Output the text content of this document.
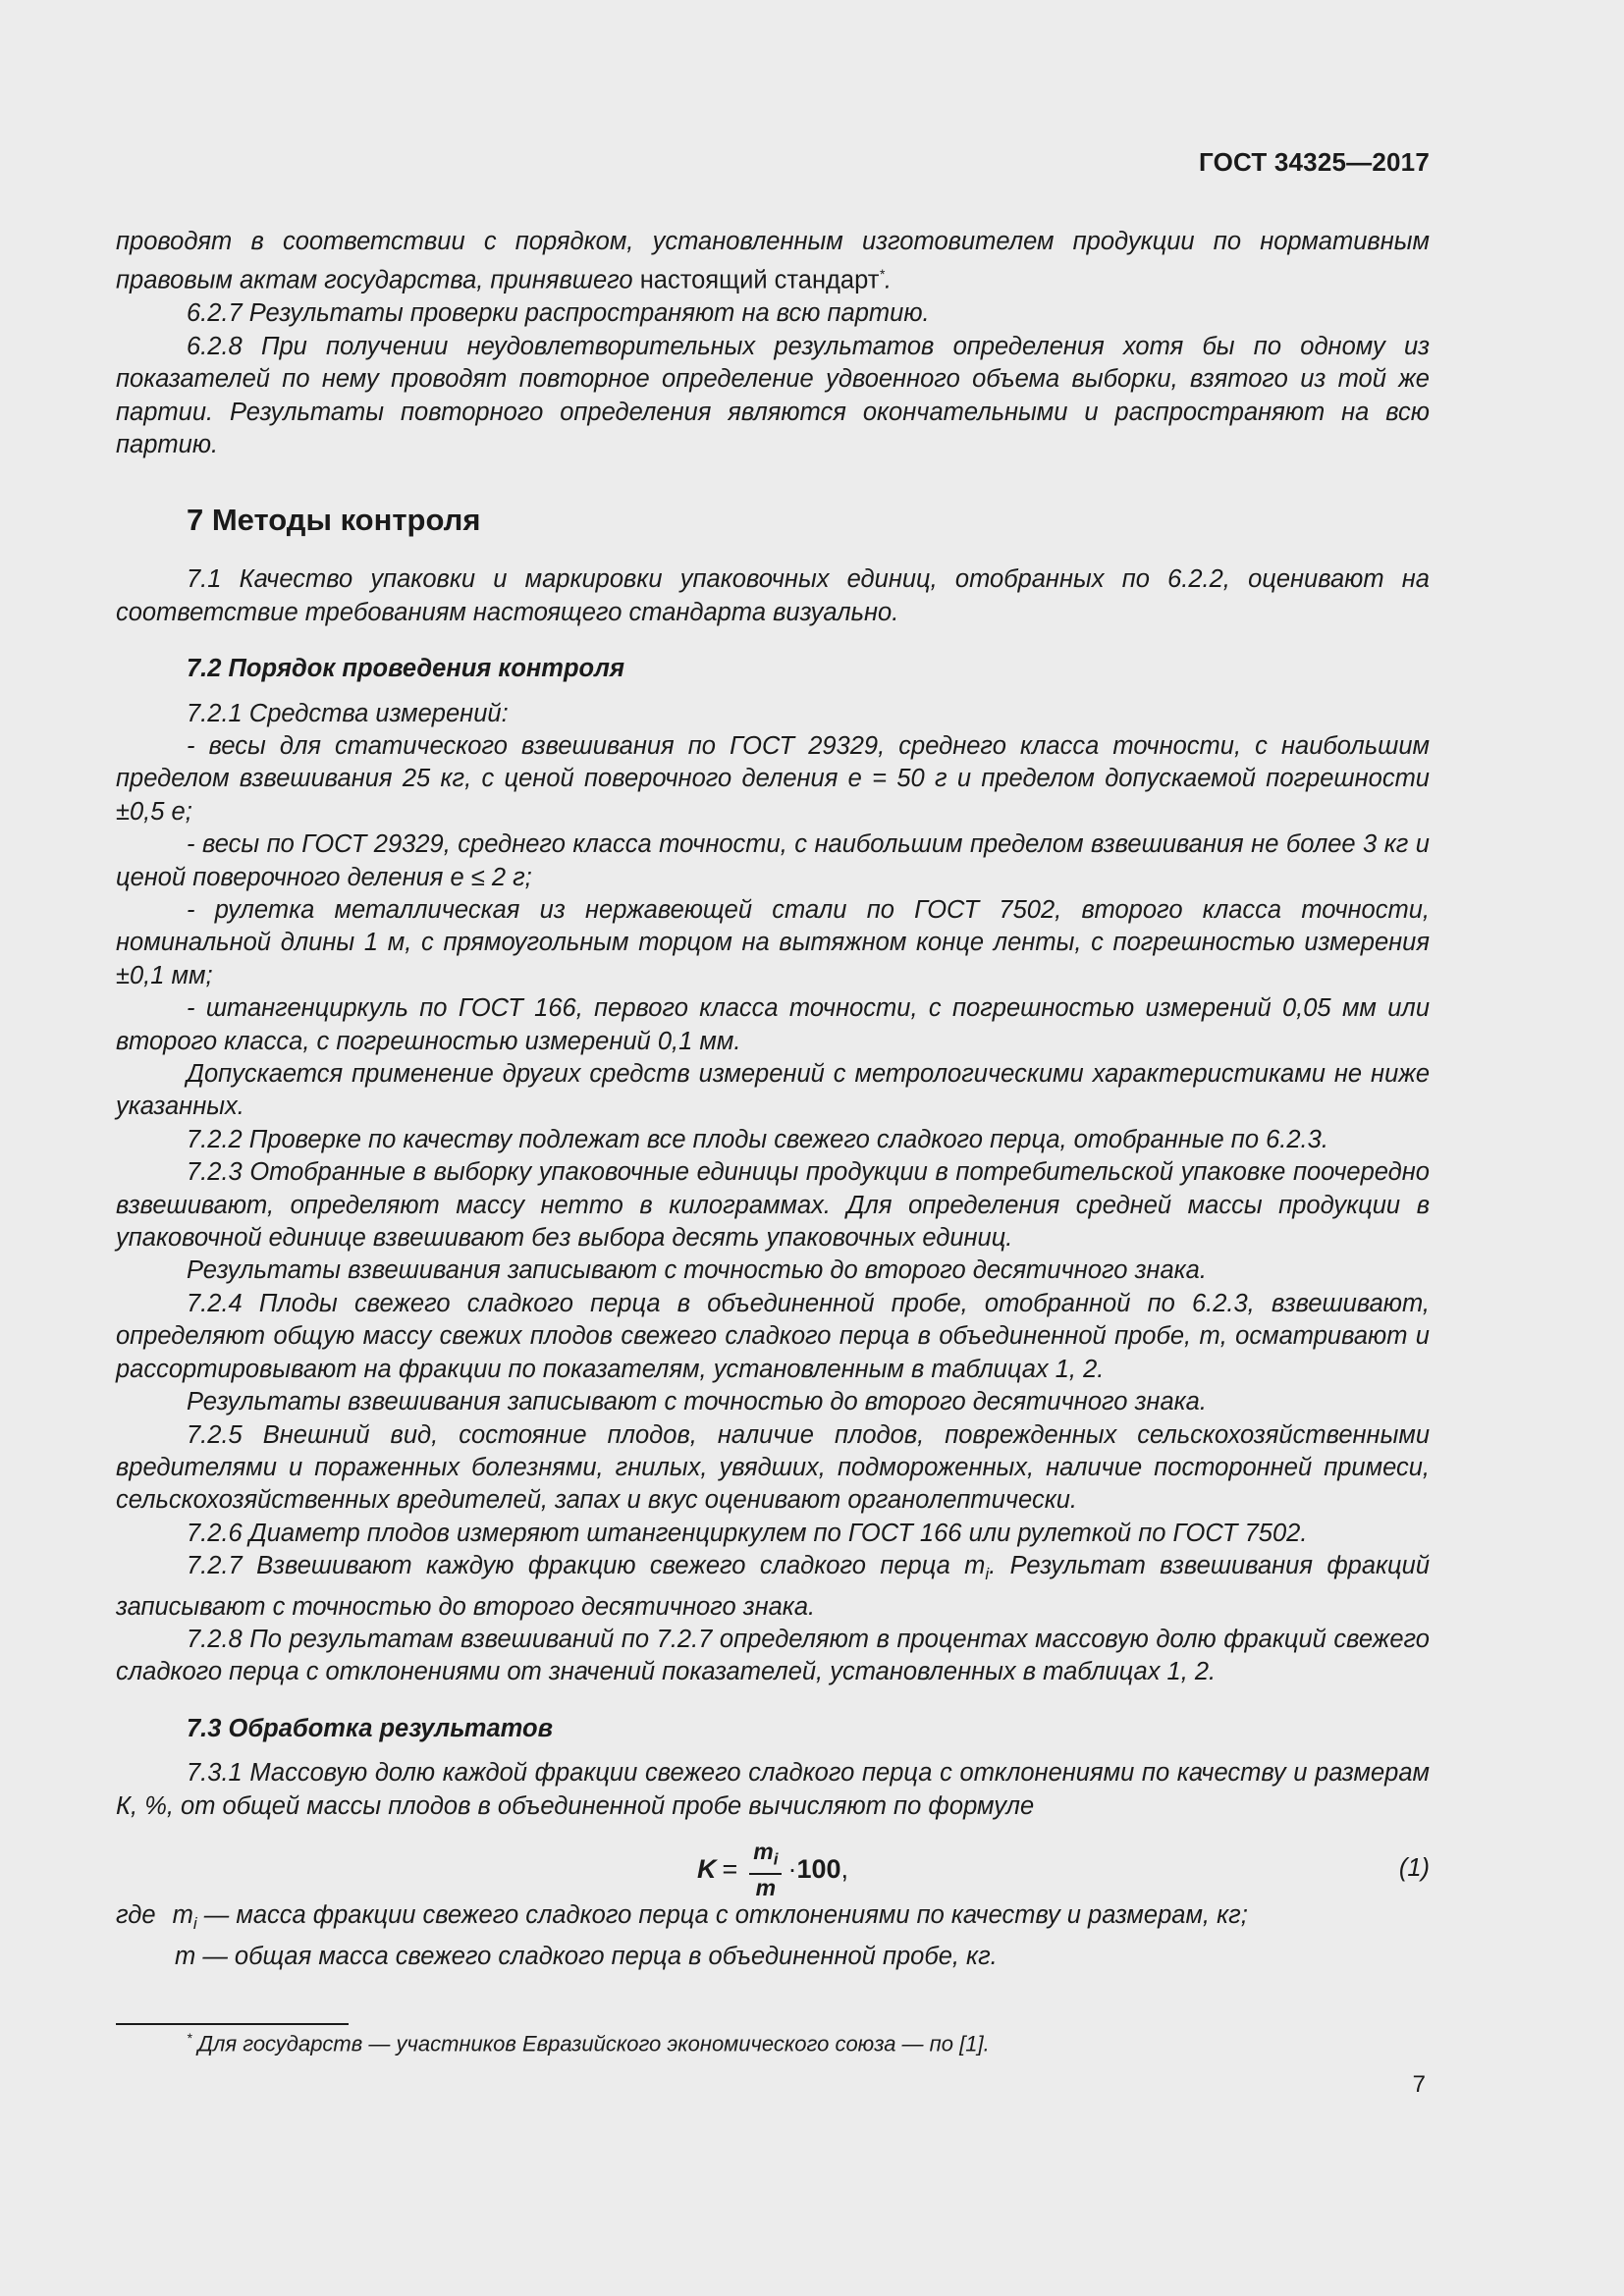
ГОСТ 34325—2017

проводят в соответствии с порядком, установленным изготовителем продукции по нормативным правовым актам государства, принявшего настоящий стандарт*.

6.2.7 Результаты проверки распространяют на всю партию.

6.2.8 При получении неудовлетворительных результатов определения хотя бы по одному из показателей по нему проводят повторное определение удвоенного объема выборки, взятого из той же партии. Результаты повторного определения являются окончательными и распространяют на всю партию.

7 Методы контроля

7.1 Качество упаковки и маркировки упаковочных единиц, отобранных по 6.2.2, оценивают на соответствие требованиям настоящего стандарта визуально.

7.2 Порядок проведения контроля

7.2.1 Средства измерений:

- весы для статического взвешивания по ГОСТ 29329, среднего класса точности, с наибольшим пределом взвешивания 25 кг, с ценой поверочного деления е = 50 г и пределом допускаемой погрешности ±0,5 е;

- весы по ГОСТ 29329, среднего класса точности, с наибольшим пределом взвешивания не более 3 кг и ценой поверочного деления е ≤ 2 г;

- рулетка металлическая из нержавеющей стали по ГОСТ 7502, второго класса точности, номинальной длины 1 м, с прямоугольным торцом на вытяжном конце ленты, с погрешностью измерения ±0,1 мм;

- штангенциркуль по ГОСТ 166, первого класса точности, с погрешностью измерений 0,05 мм или второго класса, с погрешностью измерений 0,1 мм.

Допускается применение других средств измерений с метрологическими характеристиками не ниже указанных.

7.2.2 Проверке по качеству подлежат все плоды свежего сладкого перца, отобранные по 6.2.3.

7.2.3 Отобранные в выборку упаковочные единицы продукции в потребительской упаковке поочередно взвешивают, определяют массу нетто в килограммах. Для определения средней массы продукции в упаковочной единице взвешивают без выбора десять упаковочных единиц.

Результаты взвешивания записывают с точностью до второго десятичного знака.

7.2.4 Плоды свежего сладкого перца в объединенной пробе, отобранной по 6.2.3, взвешивают, определяют общую массу свежих плодов свежего сладкого перца в объединенной пробе, m, осматривают и рассортировывают на фракции по показателям, установленным в таблицах 1, 2.

Результаты взвешивания записывают с точностью до второго десятичного знака.

7.2.5 Внешний вид, состояние плодов, наличие плодов, поврежденных сельскохозяйственными вредителями и пораженных болезнями, гнилых, увядших, подмороженных, наличие посторонней примеси, сельскохозяйственных вредителей, запах и вкус оценивают органолептически.

7.2.6 Диаметр плодов измеряют штангенциркулем по ГОСТ 166 или рулеткой по ГОСТ 7502.

7.2.7 Взвешивают каждую фракцию свежего сладкого перца $m_i$. Результат взвешивания фракций записывают с точностью до второго десятичного знака.

7.2.8 По результатам взвешиваний по 7.2.7 определяют в процентах массовую долю фракций свежего сладкого перца с отклонениями от значений показателей, установленных в таблицах 1, 2.

7.3 Обработка результатов

7.3.1 Массовую долю каждой фракции свежего сладкого перца с отклонениями по качеству и размерам К, %, от общей массы плодов в объединенной пробе вычисляют по формуле

$K = \frac{m_i}{m} \cdot 100$ ,	(1)

где $m_i$ — масса фракции свежего сладкого перца с отклонениями по качеству и размерам, кг;

m — общая масса свежего сладкого перца в объединенной пробе, кг.

* Для государств — участников Евразийского экономического союза — по [1].
7
